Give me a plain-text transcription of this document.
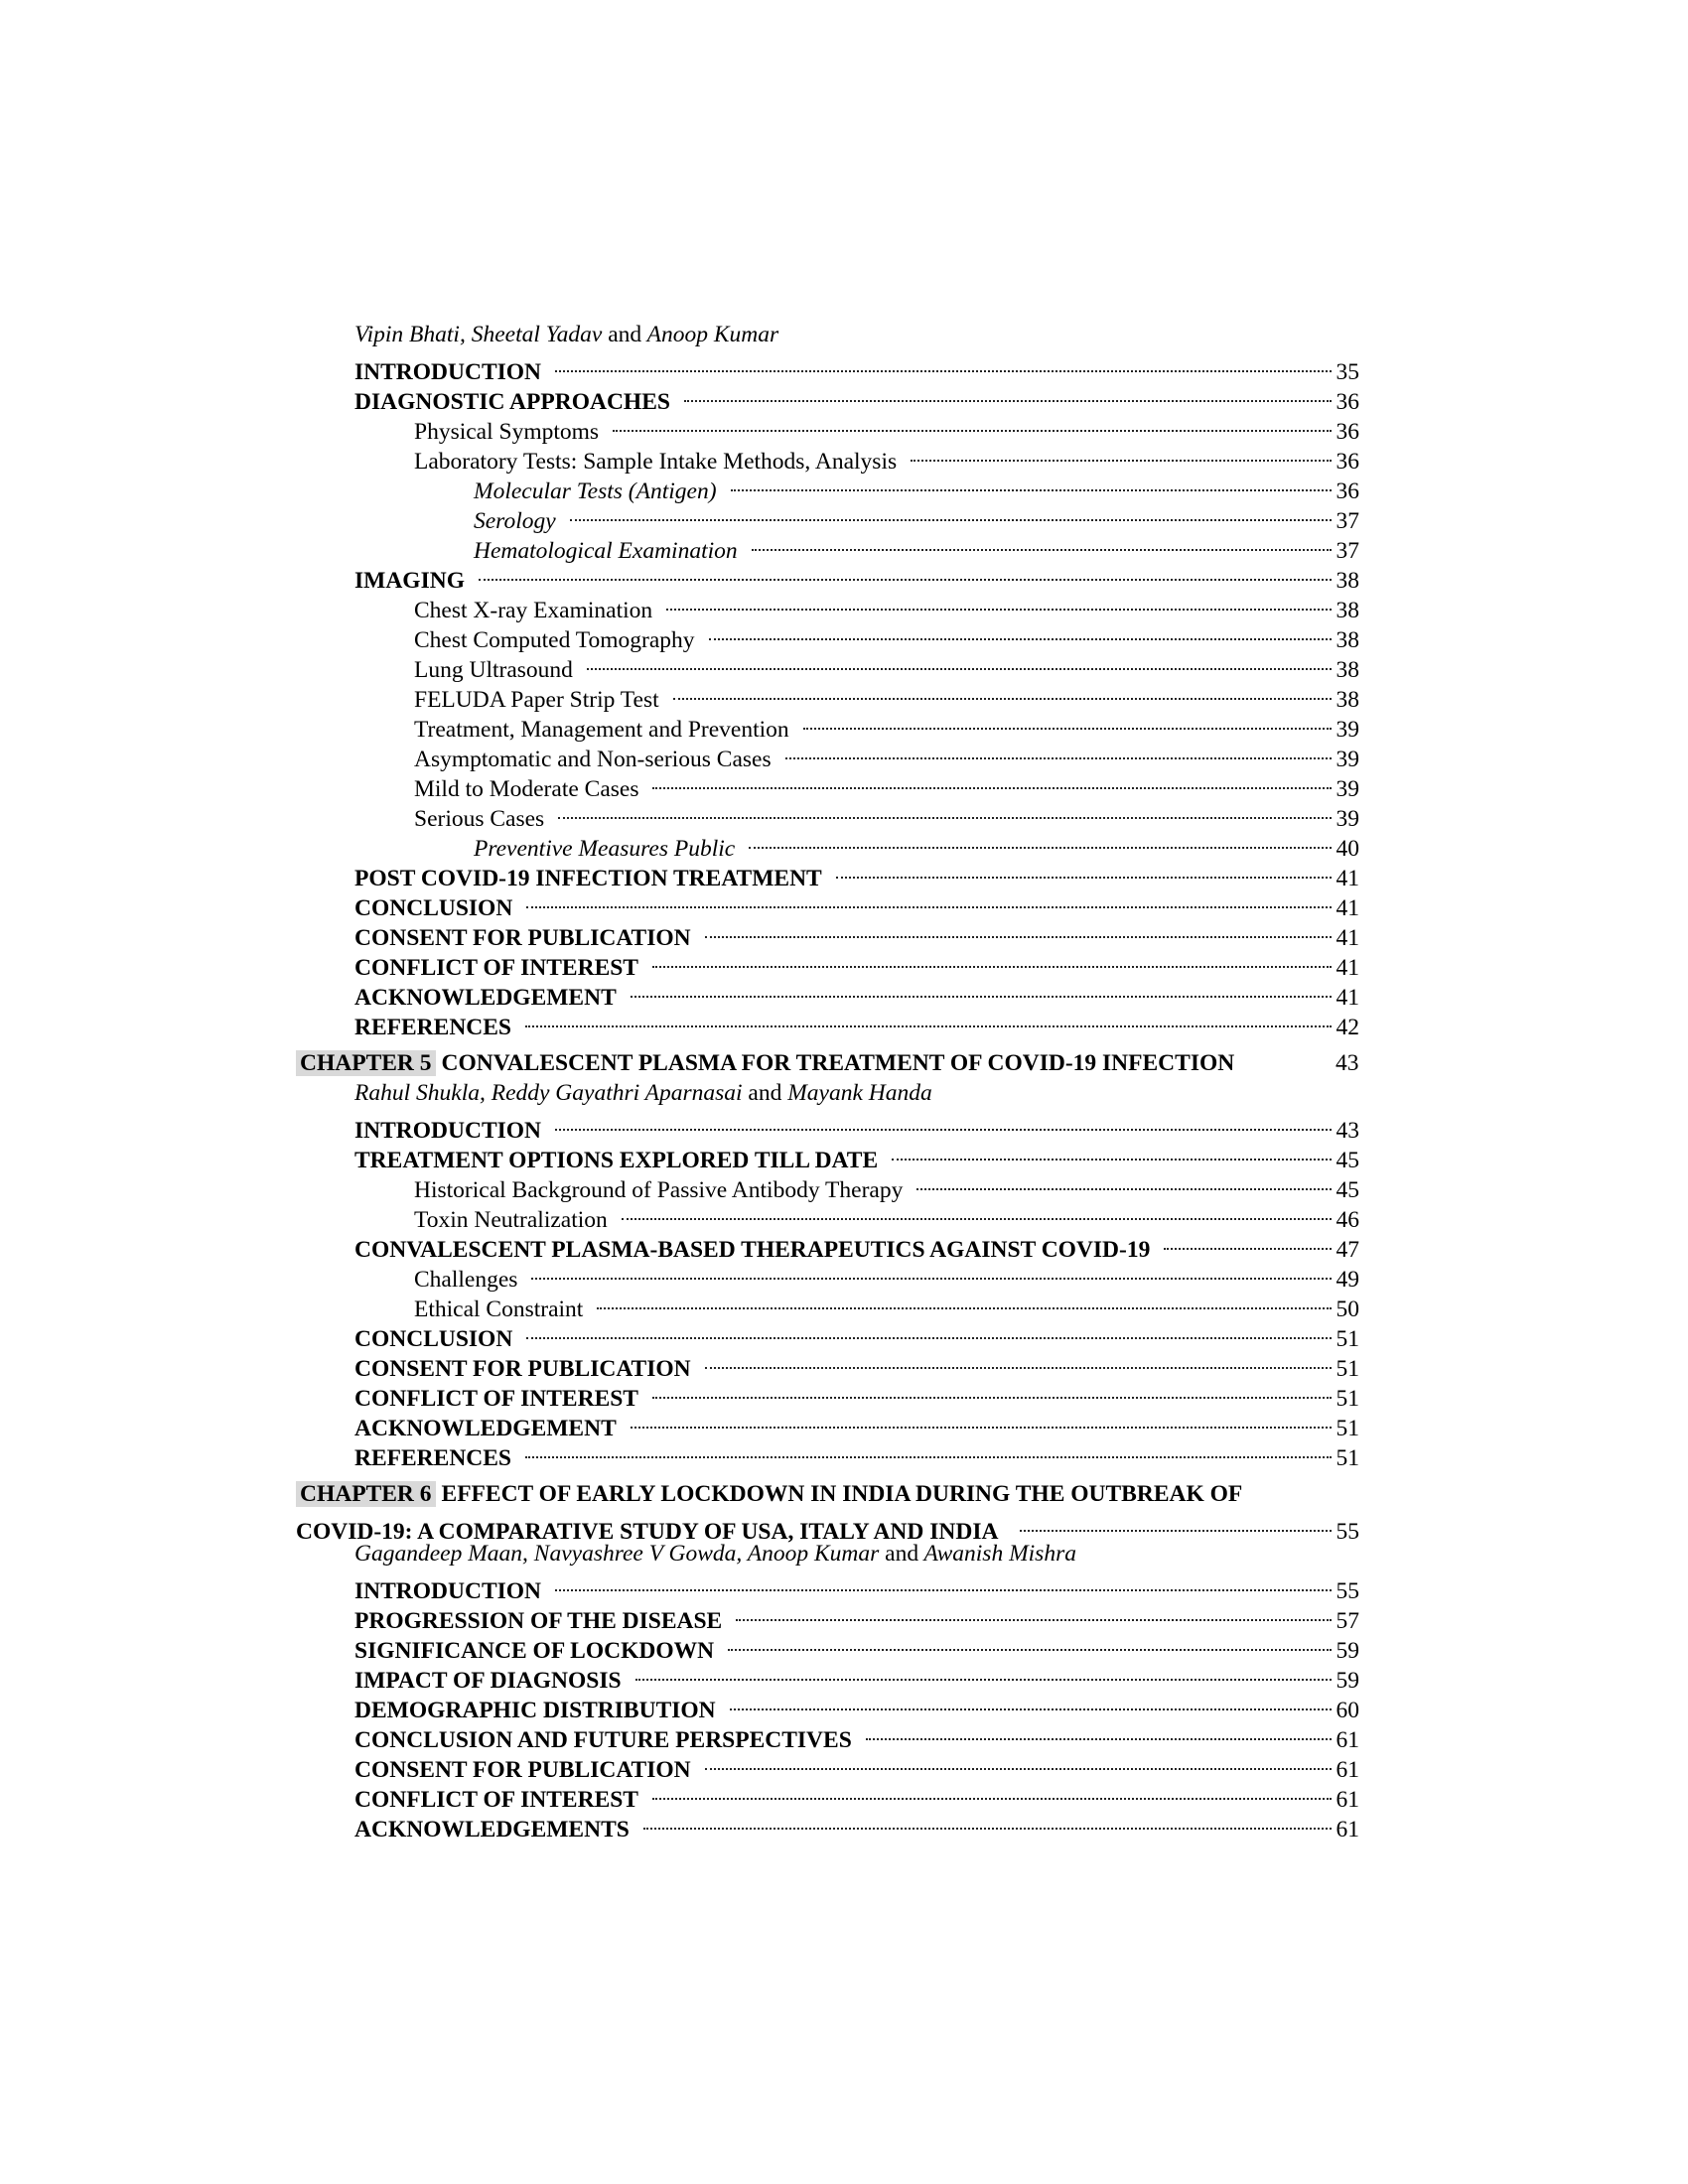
Vipin Bhati, Sheetal Yadav and Anoop Kumar
INTRODUCTION	35
DIAGNOSTIC APPROACHES	36
Physical Symptoms	36
Laboratory Tests: Sample Intake Methods, Analysis	36
Molecular Tests (Antigen)	36
Serology	37
Hematological Examination	37
IMAGING	38
Chest X-ray Examination	38
Chest Computed Tomography	38
Lung Ultrasound	38
FELUDA Paper Strip Test	38
Treatment, Management and Prevention	39
Asymptomatic and Non-serious Cases	39
Mild to Moderate Cases	39
Serious Cases	39
Preventive Measures Public	40
POST COVID-19 INFECTION TREATMENT	41
CONCLUSION	41
CONSENT FOR PUBLICATION	41
CONFLICT OF INTEREST	41
ACKNOWLEDGEMENT	41
REFERENCES	42
CHAPTER 5 CONVALESCENT PLASMA FOR TREATMENT OF COVID-19 INFECTION	43
Rahul Shukla, Reddy Gayathri Aparnasai and Mayank Handa
INTRODUCTION	43
TREATMENT OPTIONS EXPLORED TILL DATE	45
Historical Background of Passive Antibody Therapy	45
Toxin Neutralization	46
CONVALESCENT PLASMA-BASED THERAPEUTICS AGAINST COVID-19	47
Challenges	49
Ethical Constraint	50
CONCLUSION	51
CONSENT FOR PUBLICATION	51
CONFLICT OF INTEREST	51
ACKNOWLEDGEMENT	51
REFERENCES	51
CHAPTER 6 EFFECT OF EARLY LOCKDOWN IN INDIA DURING THE OUTBREAK OF
COVID-19: A COMPARATIVE STUDY OF USA, ITALY AND INDIA	55
Gagandeep Maan, Navyashree V Gowda, Anoop Kumar and Awanish Mishra
INTRODUCTION	55
PROGRESSION OF THE DISEASE	57
SIGNIFICANCE OF LOCKDOWN	59
IMPACT OF DIAGNOSIS	59
DEMOGRAPHIC DISTRIBUTION	60
CONCLUSION AND FUTURE PERSPECTIVES	61
CONSENT FOR PUBLICATION	61
CONFLICT OF INTEREST	61
ACKNOWLEDGEMENTS	61
